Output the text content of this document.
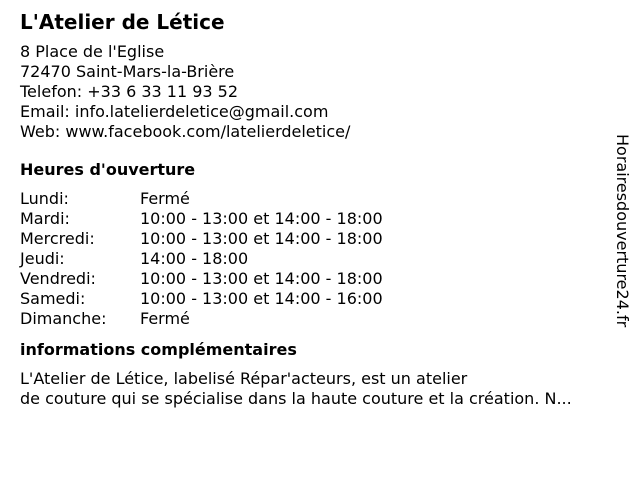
L'Atelier de Létice
8 Place de l'Eglise
72470 Saint-Mars-la-Brière
Telefon: +33 6 33 11 93 52
Email: info.latelierdeletice@gmail.com
Web: www.facebook.com/latelierdeletice/
Heures d'ouverture
Lundi:	Fermé
Mardi:	10:00 - 13:00 et 14:00 - 18:00
Mercredi:	10:00 - 13:00 et 14:00 - 18:00
Jeudi:	14:00 - 18:00
Vendredi:	10:00 - 13:00 et 14:00 - 18:00
Samedi:	10:00 - 13:00 et 14:00 - 16:00
Dimanche:	Fermé
informations complémentaires
L'Atelier de Létice, labelisé Répar'acteurs, est un atelier
de couture qui se spécialise dans la haute couture et la création. N...
Horairesdouverture24.fr
